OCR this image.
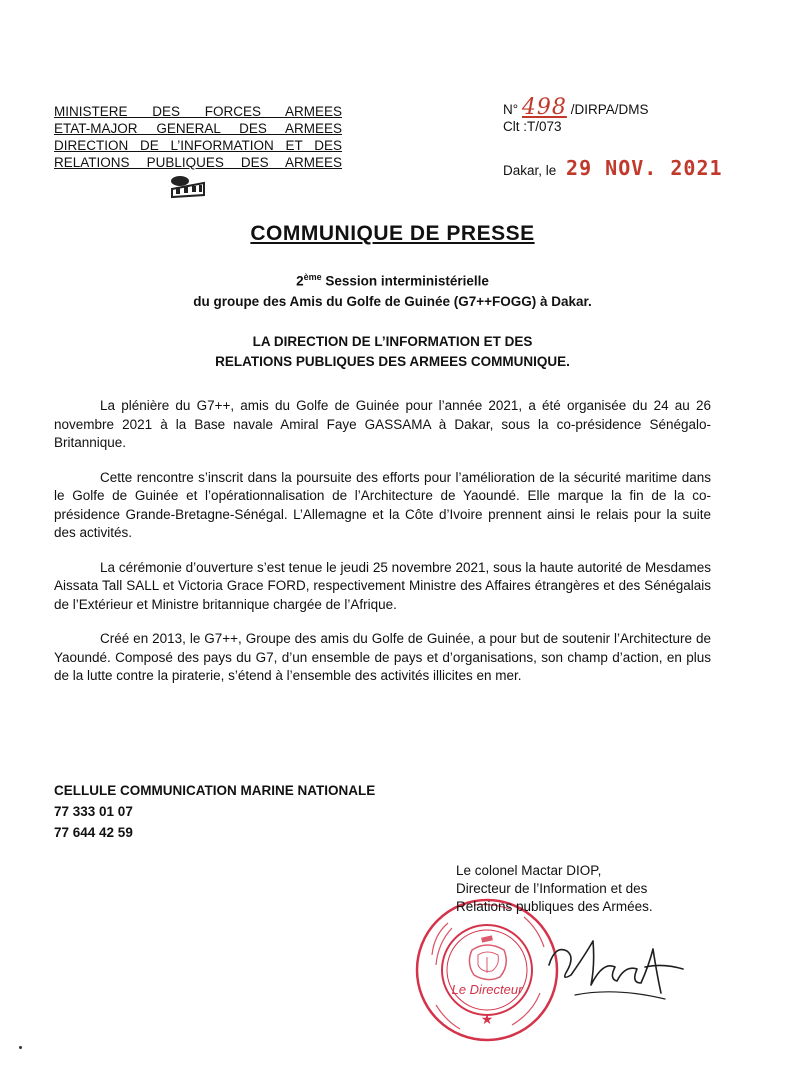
MINISTERE DES FORCES ARMEES
ETAT-MAJOR GENERAL DES ARMEES
DIRECTION DE L’INFORMATION ET DES
RELATIONS PUBLIQUES DES ARMEES
N° 498 /DIRPA/DMS
Clt :T/073
Dakar, le 29 NOV. 2021
COMMUNIQUE DE PRESSE
2ème Session interministérielle
du groupe des Amis du Golfe de Guinée (G7++FOGG) à Dakar.
LA DIRECTION DE L’INFORMATION ET DES
RELATIONS PUBLIQUES DES ARMEES COMMUNIQUE.

La plénière du G7++, amis du Golfe de Guinée pour l’année 2021, a été organisée du 24 au 26 novembre 2021 à la Base navale Amiral Faye GASSAMA à Dakar, sous la co-présidence Sénégalo-Britannique.

Cette rencontre s’inscrit dans la poursuite des efforts pour l’amélioration de la sécurité maritime dans le Golfe de Guinée et l’opérationnalisation de l’Architecture de Yaoundé. Elle marque la fin de la co-présidence Grande-Bretagne-Sénégal. L’Allemagne et la Côte d’Ivoire prennent ainsi le relais pour la suite des activités.

La cérémonie d’ouverture s’est tenue le jeudi 25 novembre 2021, sous la haute autorité de Mesdames Aissata Tall SALL et Victoria Grace FORD, respectivement Ministre des Affaires étrangères et des Sénégalais de l’Extérieur et Ministre britannique chargée de l’Afrique.

Créé en 2013, le G7++, Groupe des amis du Golfe de Guinée, a pour but de soutenir l’Architecture de Yaoundé. Composé des pays du G7, d’un ensemble de pays et d’organisations, son champ d’action, en plus de la lutte contre la piraterie, s’étend à l’ensemble des activités illicites en mer.

CELLULE COMMUNICATION MARINE NATIONALE
77 333 01 07
77 644 42 59
Le Directeur
★
Le colonel Mactar DIOP,
Directeur de l’Information et des
Relations publiques des Armées.
